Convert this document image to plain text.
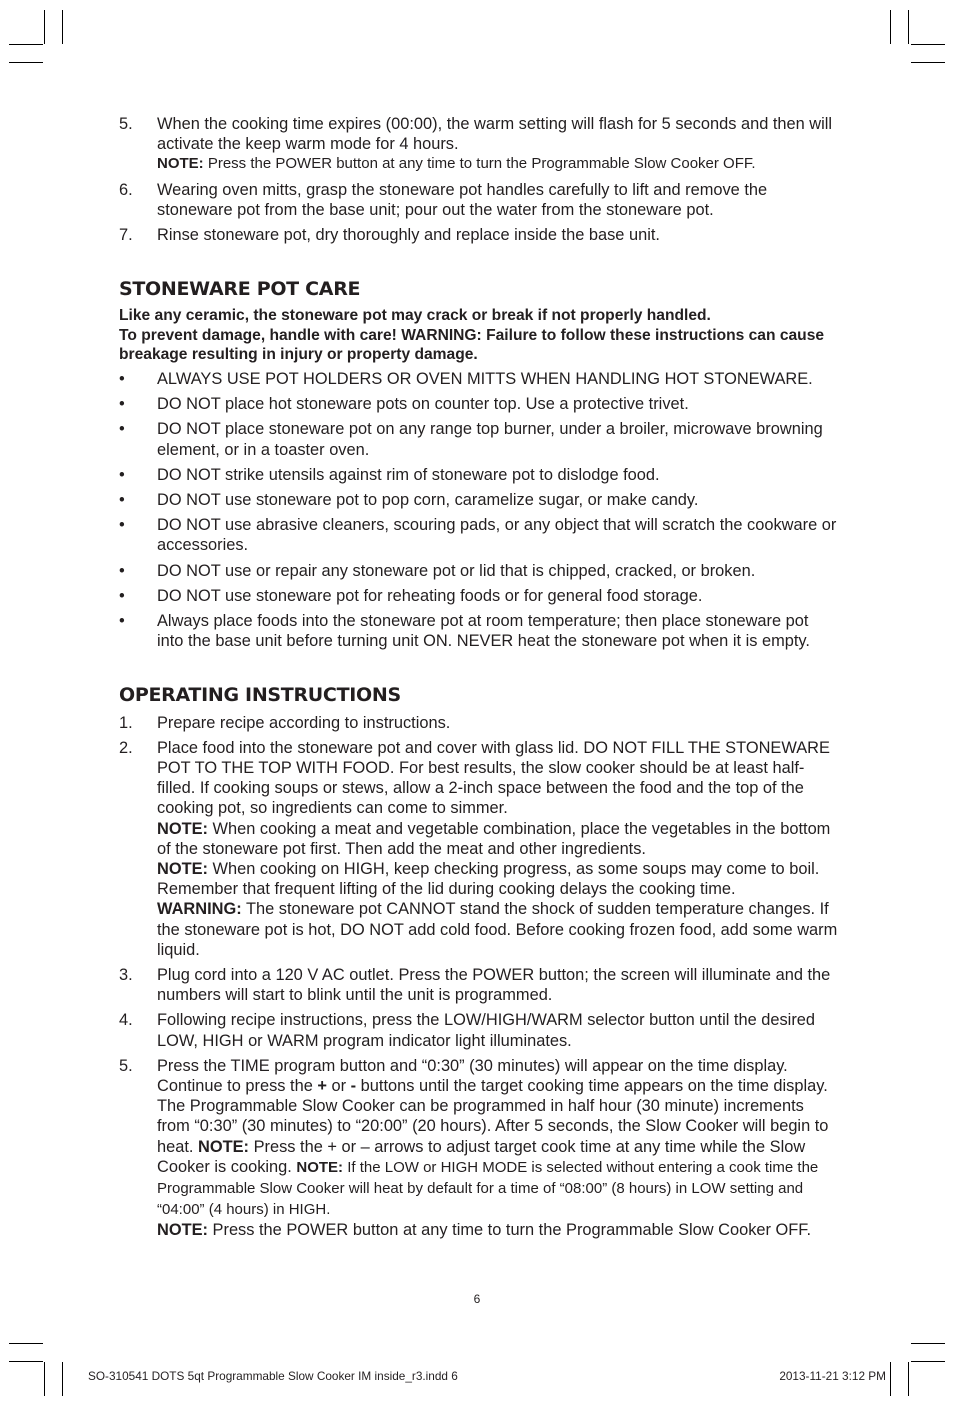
5. When the cooking time expires (00:00), the warm setting will flash for 5 seconds and then will activate the keep warm mode for 4 hours.
NOTE: Press the POWER button at any time to turn the Programmable Slow Cooker OFF.
6. Wearing oven mitts, grasp the stoneware pot handles carefully to lift and remove the stoneware pot from the base unit; pour out the water from the stoneware pot.
7. Rinse stoneware pot, dry thoroughly and replace inside the base unit.
STONEWARE POT CARE
Like any ceramic, the stoneware pot may crack or break if not properly handled.
To prevent damage, handle with care! WARNING: Failure to follow these instructions can cause breakage resulting in injury or property damage.
• ALWAYS USE POT HOLDERS OR OVEN MITTS WHEN HANDLING HOT STONEWARE.
• DO NOT place hot stoneware pots on counter top. Use a protective trivet.
• DO NOT place stoneware pot on any range top burner, under a broiler, microwave browning element, or in a toaster oven.
• DO NOT strike utensils against rim of stoneware pot to dislodge food.
• DO NOT use stoneware pot to pop corn, caramelize sugar, or make candy.
• DO NOT use abrasive cleaners, scouring pads, or any object that will scratch the cookware or accessories.
• DO NOT use or repair any stoneware pot or lid that is chipped, cracked, or broken.
• DO NOT use stoneware pot for reheating foods or for general food storage.
• Always place foods into the stoneware pot at room temperature; then place stoneware pot into the base unit before turning unit ON. NEVER heat the stoneware pot when it is empty.
OPERATING INSTRUCTIONS
1. Prepare recipe according to instructions.
2. Place food into the stoneware pot and cover with glass lid. DO NOT FILL THE STONEWARE POT TO THE TOP WITH FOOD. For best results, the slow cooker should be at least half-filled. If cooking soups or stews, allow a 2-inch space between the food and the top of the cooking pot, so ingredients can come to simmer.
NOTE: When cooking a meat and vegetable combination, place the vegetables in the bottom of the stoneware pot first. Then add the meat and other ingredients.
NOTE: When cooking on HIGH, keep checking progress, as some soups may come to boil. Remember that frequent lifting of the lid during cooking delays the cooking time.
WARNING: The stoneware pot CANNOT stand the shock of sudden temperature changes. If the stoneware pot is hot, DO NOT add cold food. Before cooking frozen food, add some warm liquid.
3. Plug cord into a 120 V AC outlet. Press the POWER button; the screen will illuminate and the numbers will start to blink until the unit is programmed.
4. Following recipe instructions, press the LOW/HIGH/WARM selector button until the desired LOW, HIGH or WARM program indicator light illuminates.
5. Press the TIME program button and “0:30” (30 minutes) will appear on the time display. Continue to press the + or - buttons until the target cooking time appears on the time display. The Programmable Slow Cooker can be programmed in half hour (30 minute) increments from “0:30” (30 minutes) to “20:00” (20 hours). After 5 seconds, the Slow Cooker will begin to heat. NOTE: Press the + or – arrows to adjust target cook time at any time while the Slow Cooker is cooking. NOTE: If the LOW or HIGH MODE is selected without entering a cook time the Programmable Slow Cooker will heat by default for a time of “08:00” (8 hours) in LOW setting and “04:00” (4 hours) in HIGH.
NOTE: Press the POWER button at any time to turn the Programmable Slow Cooker OFF.
6
SO-310541 DOTS 5qt Programmable Slow Cooker IM inside_r3.indd 6	2013-11-21 3:12 PM
